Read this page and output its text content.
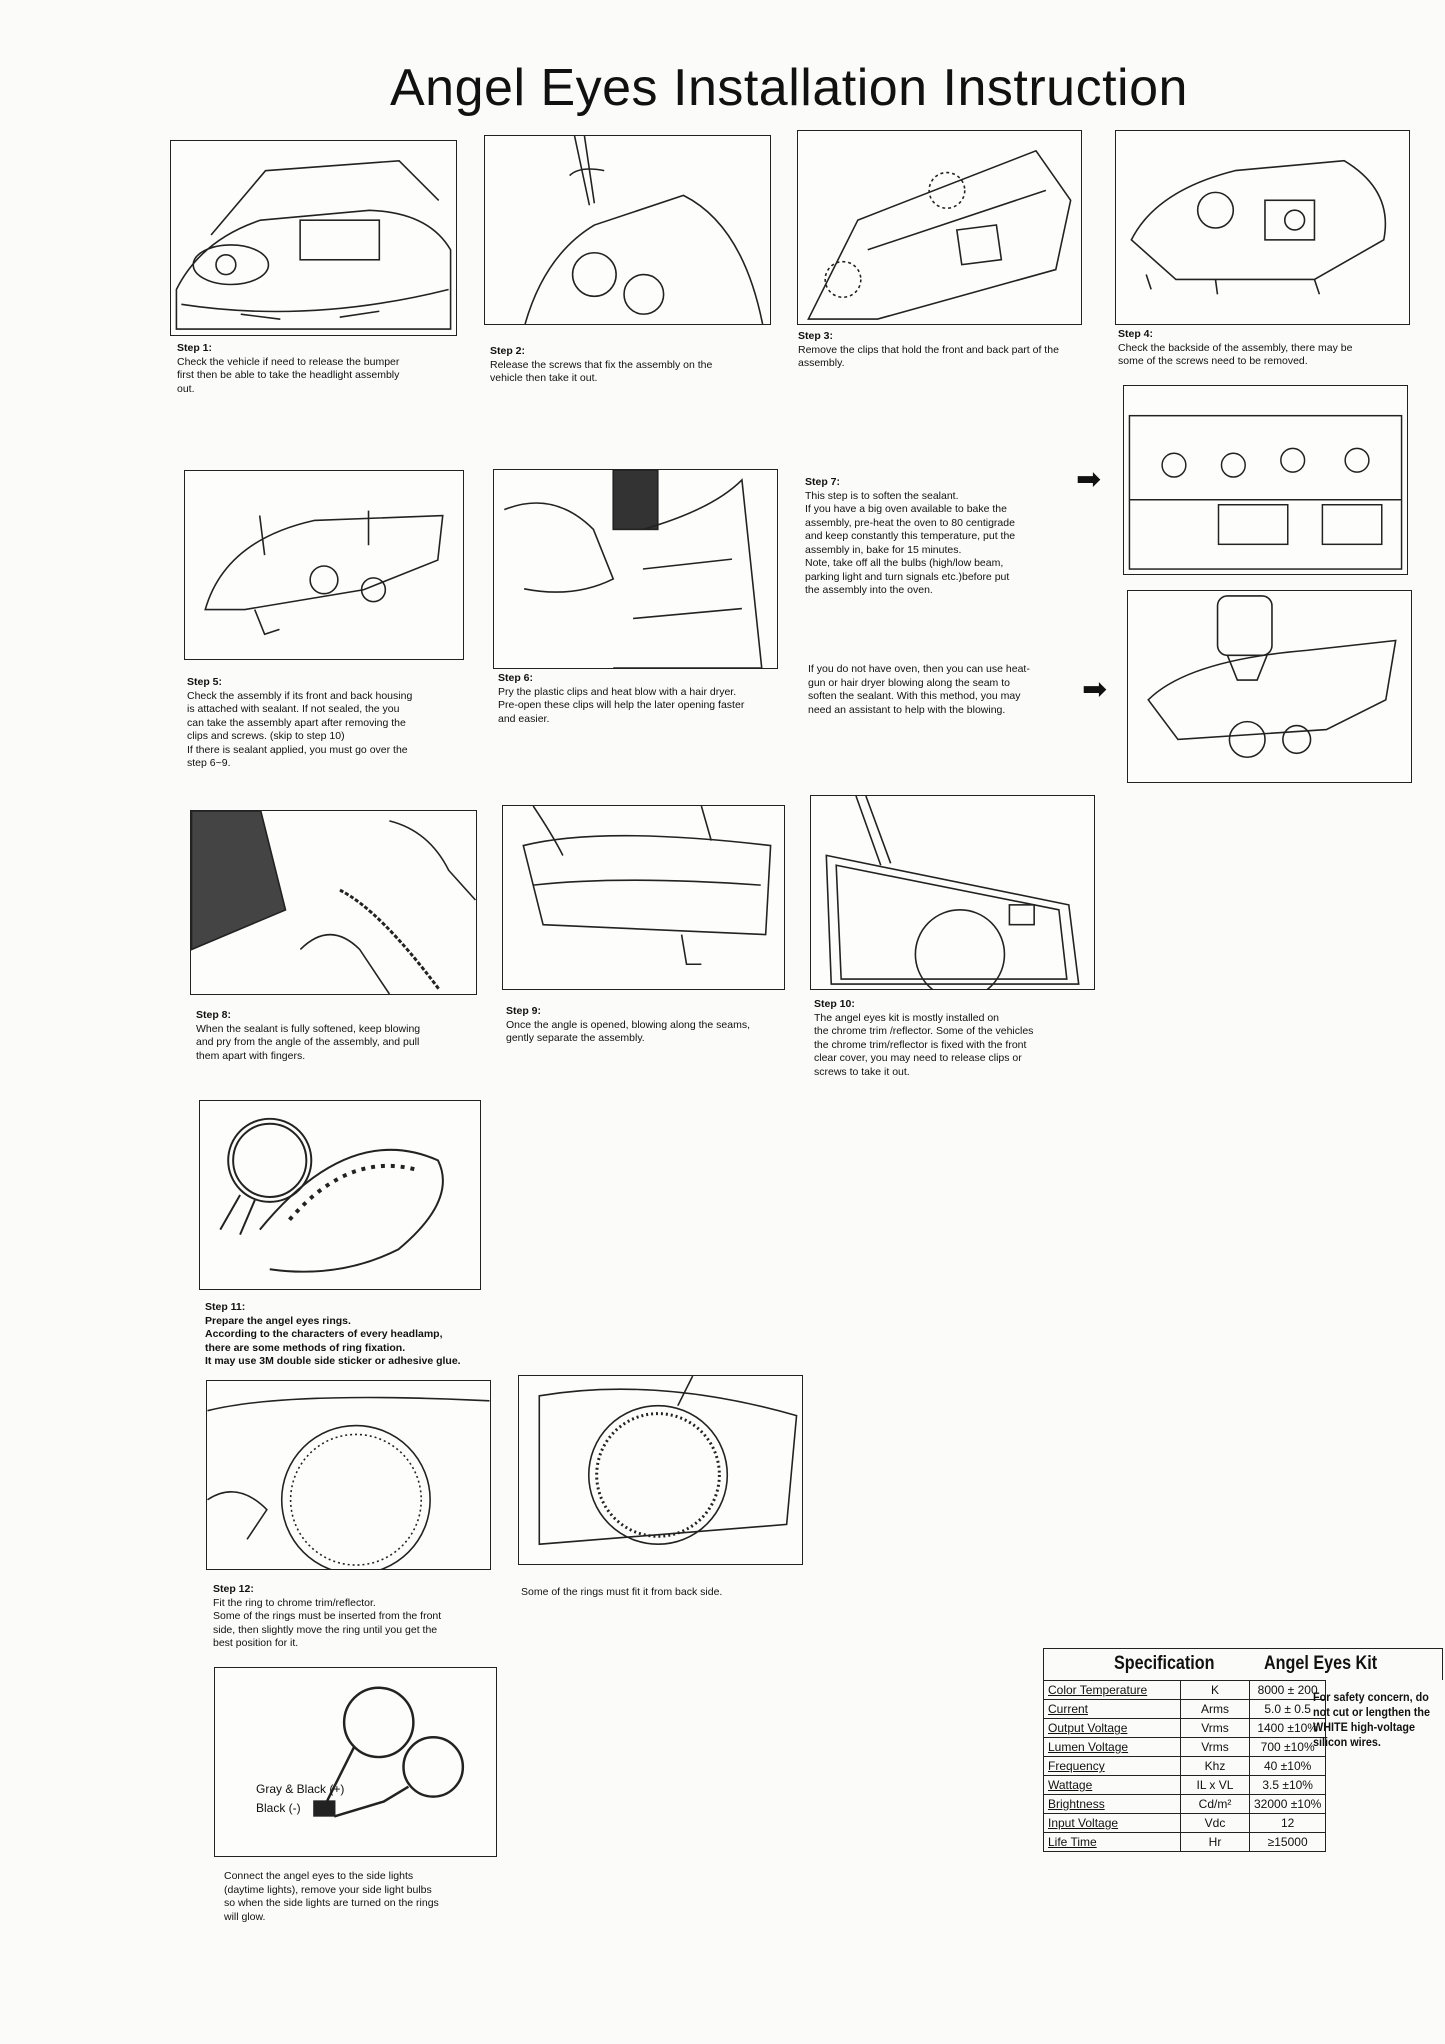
Angel Eyes Installation Instruction
Step 1:
Check the vehicle if need to release the bumper
first then be able to take the headlight assembly
out.
Step 2:
Release the screws that fix the assembly on the
vehicle then take it out.
Step 3:
Remove the clips that hold the front and back part of the
assembly.
Step 4:
Check the backside of the assembly, there may be
some of the screws need to be removed.
Step 5:
Check the assembly if its front and back housing
is attached with sealant. If not sealed, the you
can take the assembly apart after removing the
clips and screws. (skip to step 10)
If there is sealant applied, you must go over the
step 6~9.
Step 6:
Pry the plastic clips and heat blow with a hair dryer.
Pre-open these clips will help the later opening faster
and easier.
Step 7:
This step is to soften the sealant.
If you have a big oven available to bake the
assembly, pre-heat the oven to 80 centigrade
and keep constantly this temperature, put the
assembly in, bake for 15 minutes.
Note, take off all the bulbs (high/low beam,
parking light and turn signals etc.)before put
the assembly into the oven.
If you do not have oven, then you can use heat-
gun or hair dryer blowing along the seam to
soften the sealant. With this method, you may
need an assistant to help with the blowing.
➡
➡
Step 8:
When the sealant is fully softened, keep blowing
and pry from the angle of the assembly, and pull
them apart with fingers.
Step 9:
Once the angle is opened, blowing along the seams,
gently separate the assembly.
Step 10:
The angel eyes kit is mostly installed on
the chrome trim /reflector. Some of the vehicles
the chrome trim/reflector is fixed with the front
clear cover, you may need to release clips or
screws to take it out.
Step 11:
Prepare the angel eyes rings.
According to the characters of every headlamp,
there are some methods of ring fixation.
It may use 3M double side sticker or adhesive glue.
Step 12:
Fit the ring to chrome trim/reflector.
Some of the rings must be inserted from the front
side, then slightly move the ring until you get the
best position for it.
Some of the rings must fit it from back side.
Gray & Black (+)
Black (-)
Connect the angel eyes to the side lights
(daytime lights), remove your side light bulbs
so when the side lights are turned on the rings
will glow.
Specification	Angel Eyes Kit
Color Temperature	K	8000 ± 200
Current	Arms	5.0 ± 0.5
Output Voltage	Vrms	1400 ±10%
Lumen Voltage	Vrms	700 ±10%
Frequency	Khz	40 ±10%
Wattage	IL x VL	3.5 ±10%
Brightness	Cd/m²	32000 ±10%
Input Voltage	Vdc	12
Life Time	Hr	≥15000
For safety concern, do not cut or lengthen the WHITE high-voltage silicon wires.
